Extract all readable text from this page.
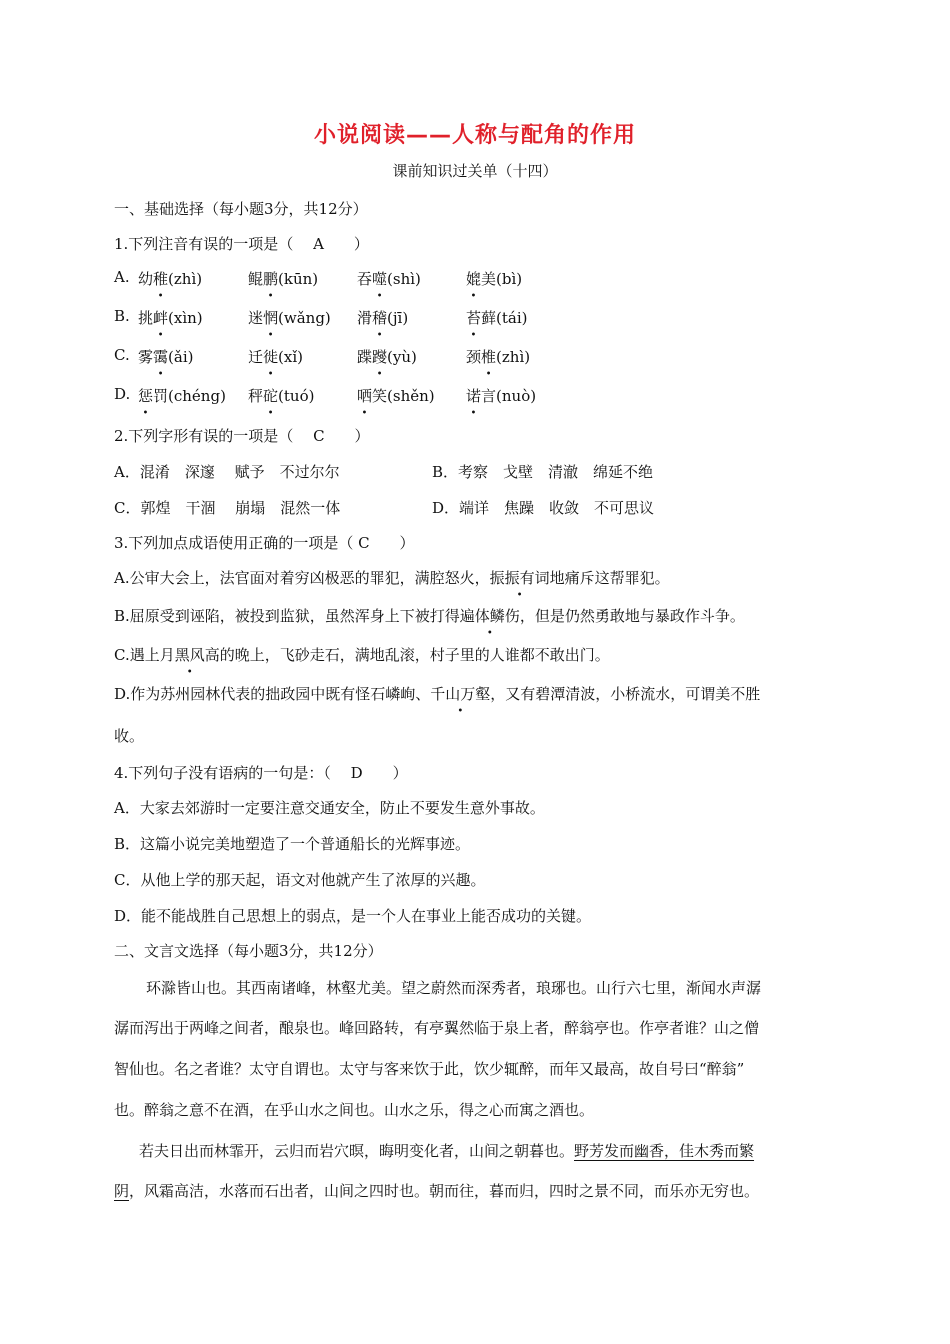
小说阅读——人称与配角的作用
课前知识过关单（十四）
一、基础选择（每小题3分，共12分）
1.下列注音有误的一项是（　 A　　）
A. 幼稚(zhì)	鲲鹏(kūn)	吞噬(shì)	媲美(bì)
B. 挑衅(xìn)	迷惘(wǎng) 滑稽(jī)	苔藓(tái)
C. 雾霭(ǎi)	迁徙(xǐ)	蹀躞(yù)	颈椎(zhì)
D. 惩罚(chéng) 秤砣(tuó)	哂笑(shěn) 诺言(nuò)
2.下列字形有误的一项是（　 C　　）
A．混淆　深邃　 赋予　不过尔尔	B．考察　戈壁　清澈　绵延不绝
C．郭煌　干涸　 崩塌　混然一体	D．端详　焦躁　收敛　不可思议
3.下列加点成语使用正确的一项是（ C　　）
A.公审大会上，法官面对着穷凶极恶的罪犯，满腔怒火，振振有词地痛斥这帮罪犯。
B.屈原受到诬陷，被投到监狱，虽然浑身上下被打得遍体鳞伤，但是仍然勇敢地与暴政作斗争。
C.遇上月黑风高的晚上，飞砂走石，满地乱滚，村子里的人谁都不敢出门。
D.作为苏州园林代表的拙政园中既有怪石嶙峋、千山万壑，又有碧潭清波，小桥流水，可谓美不胜
收。
4.下列句子没有语病的一句是：（　 D　　）
A．大家去郊游时一定要注意交通安全，防止不要发生意外事故。
B．这篇小说完美地塑造了一个普通船长的光辉事迹。
C．从他上学的那天起，语文对他就产生了浓厚的兴趣。
D．能不能战胜自己思想上的弱点，是一个人在事业上能否成功的关键。
二、文言文选择（每小题3分，共12分）
环滁皆山也。其西南诸峰，林壑尤美。望之蔚然而深秀者，琅琊也。山行六七里，渐闻水声潺
潺而泻出于两峰之间者，酿泉也。峰回路转，有亭翼然临于泉上者，醉翁亭也。作亭者谁？山之僧
智仙也。名之者谁？太守自谓也。太守与客来饮于此，饮少辄醉，而年又最高，故自号曰“醉翁”
也。醉翁之意不在酒，在乎山水之间也。山水之乐，得之心而寓之酒也。
若夫日出而林霏开，云归而岩穴暝，晦明变化者，山间之朝暮也。野芳发而幽香，佳木秀而繁
阴，风霜高洁，水落而石出者，山间之四时也。朝而往，暮而归，四时之景不同，而乐亦无穷也。
